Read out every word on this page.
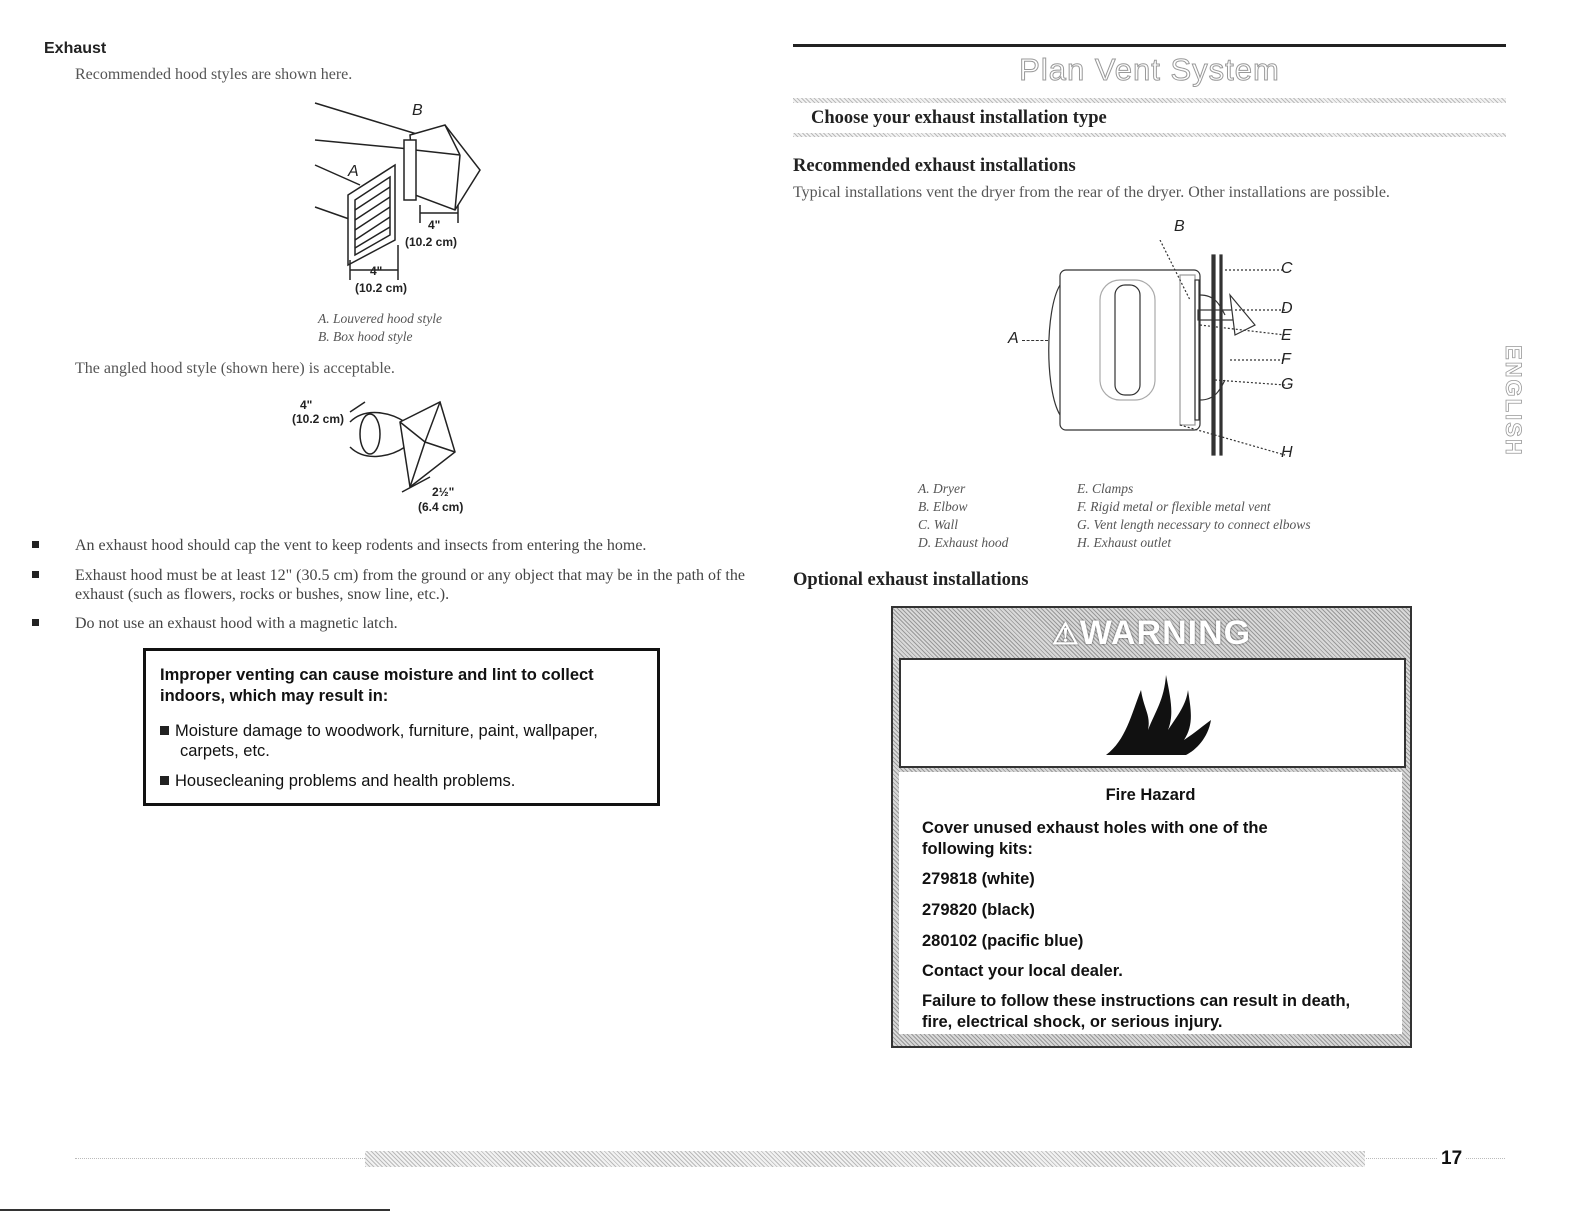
Exhaust
Recommended hood styles are shown here.
B
A
4"
(10.2 cm)
4"
(10.2 cm)
A. Louvered hood style
B. Box hood style
The angled hood style (shown here) is acceptable.
4"
(10.2 cm)
2½"
(6.4 cm)
An exhaust hood should cap the vent to keep rodents and insects from entering the home.
Exhaust hood must be at least 12" (30.5 cm) from the ground or any object that may be in the path of the exhaust (such as flowers, rocks or bushes, snow line, etc.).
Do not use an exhaust hood with a magnetic latch.
Improper venting can cause moisture and lint to collect
indoors, which may result in:
Moisture damage to woodwork, furniture, paint, wallpaper,
carpets, etc.
Housecleaning problems and health problems.
Plan Vent System
Choose your exhaust installation type
Recommended exhaust installations
Typical installations vent the dryer from the rear of the dryer. Other installations are possible.
A
B
C
D
E
F
G
H
A. Dryer
B. Elbow
C. Wall
D. Exhaust hood
E. Clamps
F. Rigid metal or flexible metal vent
G. Vent length necessary to connect elbows
H. Exhaust outlet
Optional exhaust installations
⚠WARNING
Fire Hazard
Cover unused exhaust holes with one of the
following kits:
279818 (white)
279820 (black)
280102 (pacific blue)
Contact your local dealer.
Failure to follow these instructions can result in death,
fire, electrical shock, or serious injury.
ENGLISH
17
